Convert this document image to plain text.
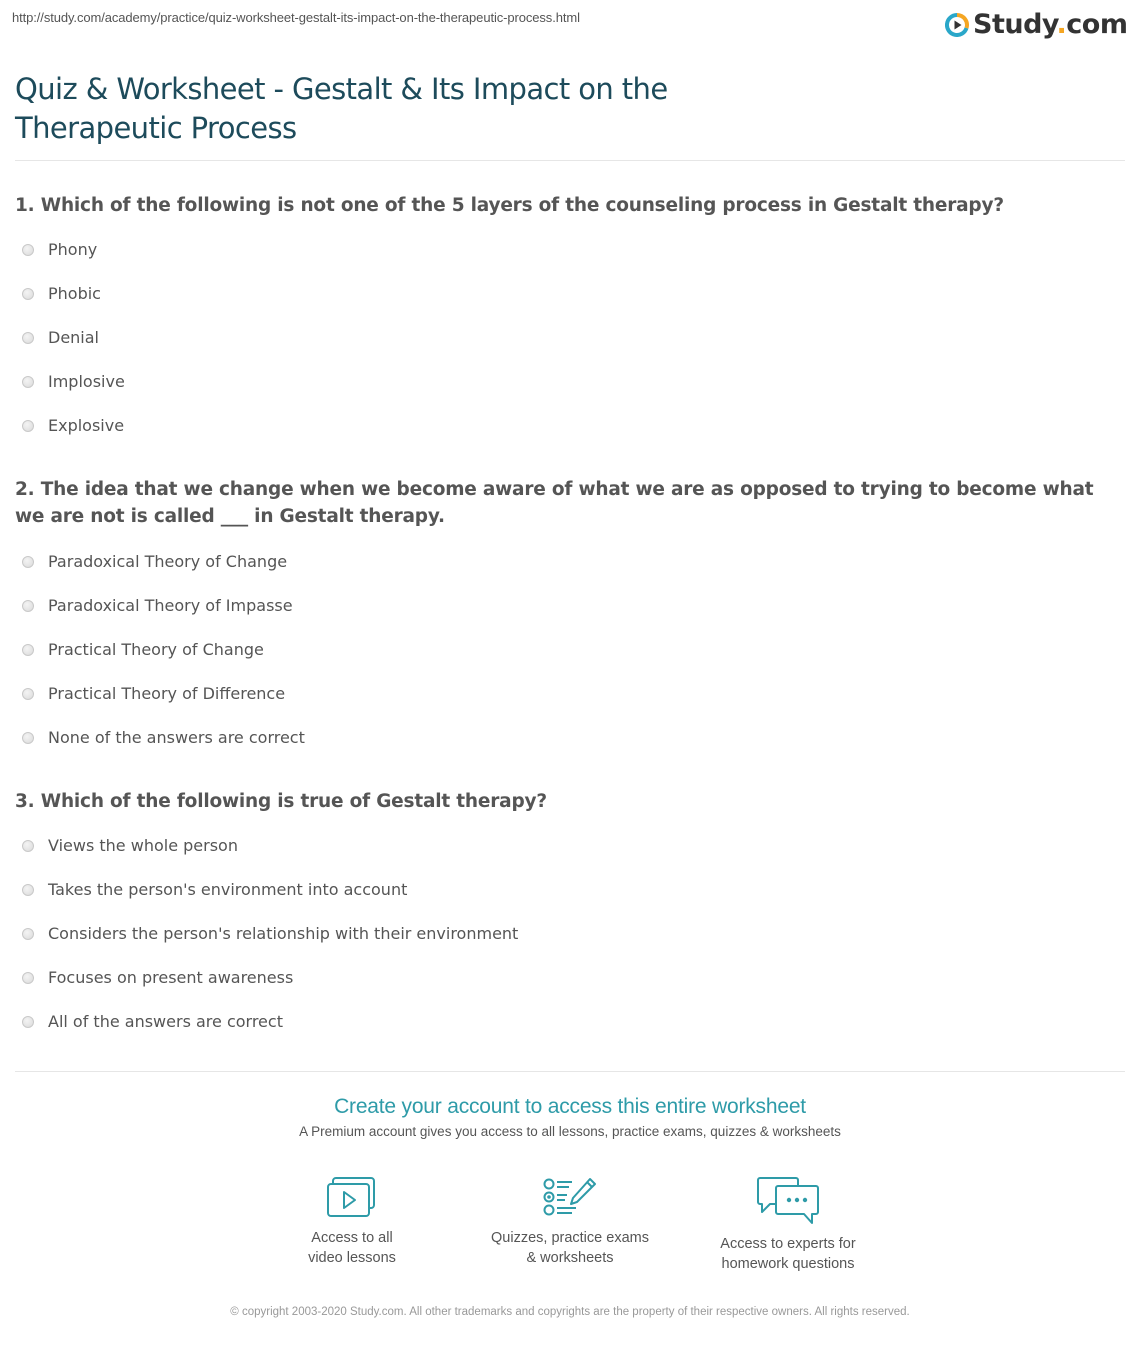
http://study.com/academy/practice/quiz-worksheet-gestalt-its-impact-on-the-therapeutic-process.html	Study.com
Quiz & Worksheet - Gestalt & Its Impact on the Therapeutic Process
1. Which of the following is not one of the 5 layers of the counseling process in Gestalt therapy?
Phony
Phobic
Denial
Implosive
Explosive
2. The idea that we change when we become aware of what we are as opposed to trying to become what we are not is called ___ in Gestalt therapy.
Paradoxical Theory of Change
Paradoxical Theory of Impasse
Practical Theory of Change
Practical Theory of Difference
None of the answers are correct
3. Which of the following is true of Gestalt therapy?
Views the whole person
Takes the person's environment into account
Considers the person's relationship with their environment
Focuses on present awareness
All of the answers are correct
Create your account to access this entire worksheet
A Premium account gives you access to all lessons, practice exams, quizzes & worksheets
Access to all
video lessons
Quizzes, practice exams
& worksheets
Access to experts for
homework questions
© copyright 2003-2020 Study.com. All other trademarks and copyrights are the property of their respective owners. All rights reserved.
